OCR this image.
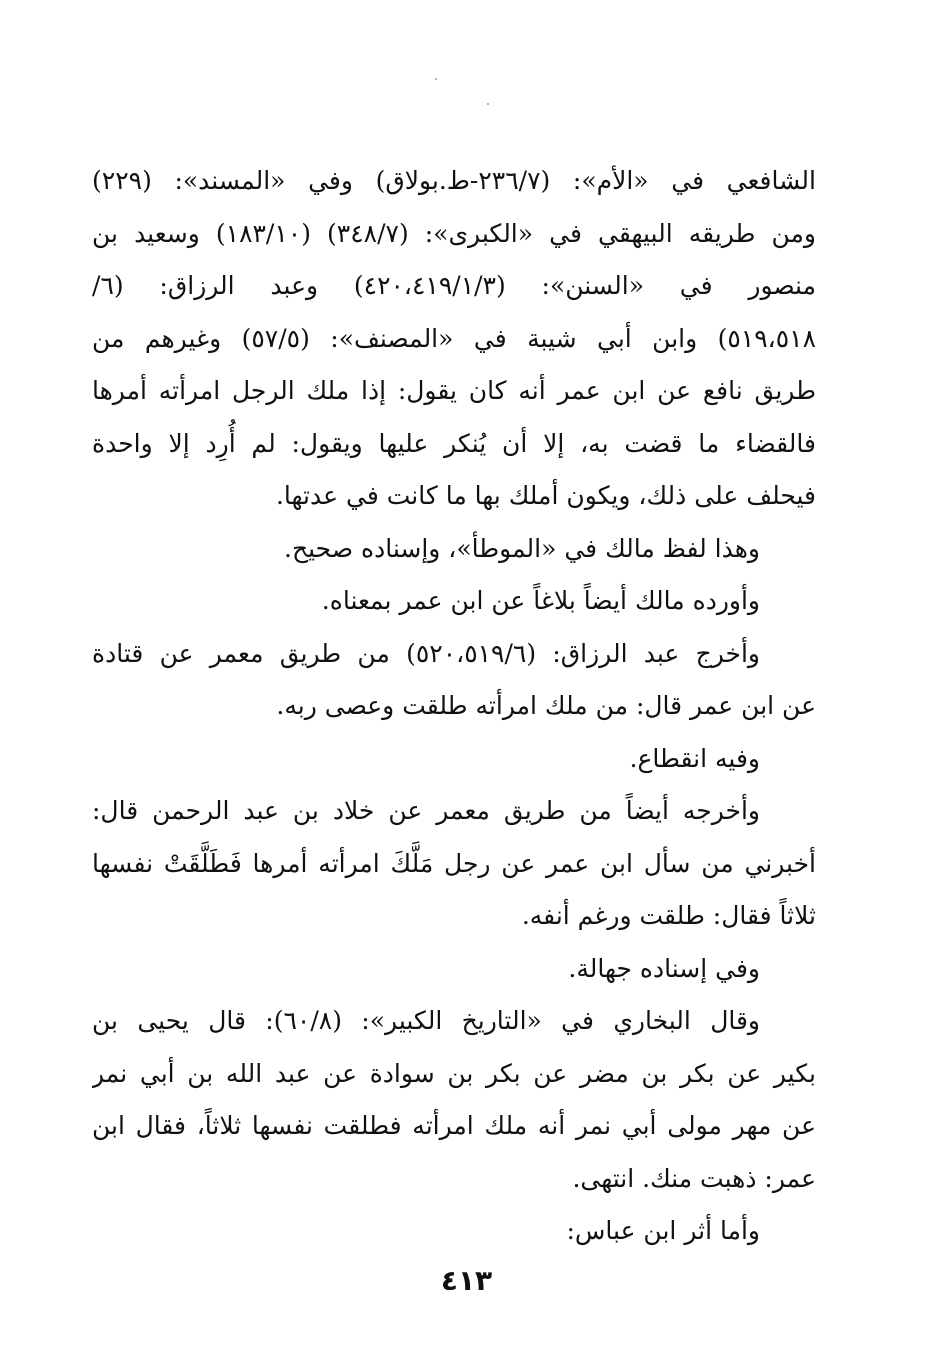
الشافعي في «الأم»: (٢٣٦/٧-ط.بولاق) وفي «المسند»: (٢٢٩)
ومن طريقه البيهقي في «الكبرى»: (٣٤٨/٧) (١٨٣/١٠) وسعيد بن
منصور في «السنن»: (٤٢٠،٤١٩/١/٣) وعبد الرزاق: (٦/
٥١٩،٥١٨) وابن أبي شيبة في «المصنف»: (٥٧/٥) وغيرهم من
طريق نافع عن ابن عمر أنه كان يقول: إذا ملك الرجل امرأته أمرها
فالقضاء ما قضت به، إلا أن يُنكر عليها ويقول: لم أُرِد إلا واحدة
فيحلف على ذلك، ويكون أملك بها ما كانت في عدتها.
وهذا لفظ مالك في «الموطأ»، وإسناده صحيح.
وأورده مالك أيضاً بلاغاً عن ابن عمر بمعناه.
وأخرج عبد الرزاق: (٥٢٠،٥١٩/٦) من طريق معمر عن قتادة
عن ابن عمر قال: من ملك امرأته طلقت وعصى ربه.
وفيه انقطاع.
وأخرجه أيضاً من طريق معمر عن خلاد بن عبد الرحمن قال:
أخبرني من سأل ابن عمر عن رجل مَلَّكَ امرأته أمرها فَطَلَّقَتْ نفسها
ثلاثاً فقال: طلقت ورغم أنفه.
وفي إسناده جهالة.
وقال البخاري في «التاريخ الكبير»: (٦٠/٨): قال يحيى بن
بكير عن بكر بن مضر عن بكر بن سوادة عن عبد الله بن أبي نمر
عن مهر مولى أبي نمر أنه ملك امرأته فطلقت نفسها ثلاثاً، فقال ابن
عمر: ذهبت منك. انتهى.
وأما أثر ابن عباس:
٤١٣
